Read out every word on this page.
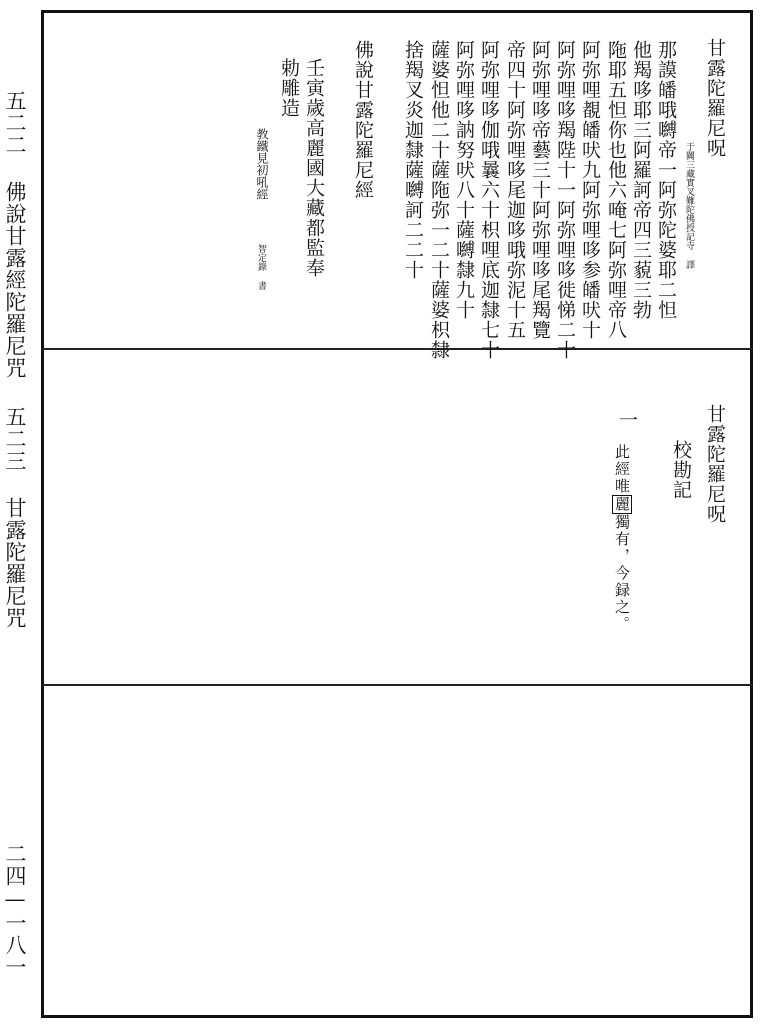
五二二 佛說甘露經陀羅尼咒
五二三 甘露陀羅尼咒
二四—一八一
甘露陀羅尼呪
于闐三藏實叉難陀佛授記寺 譯
那謨皤哦嚩帝一阿弥陀婆耶二怛
他羯哆耶三阿羅訶帝四三藐三勃
陁耶五怛你也他六唵七阿弥哩帝八
阿弥哩覩皤吠九阿弥哩哆参皤吠十
阿弥哩哆羯陛十一阿弥哩哆徙悌二十
阿弥哩哆帝藝三十阿弥哩哆尾羯覽
帝四十阿弥哩哆尾迦哆哦弥泥十五
阿弥哩哆伽哦曩六十枳哩底迦隸七十
阿弥哩哆訥努吠八十薩嚩隸九十
薩婆怛他二十薩陁弥一二十薩婆枳隸
捨羯叉炎迦隸薩嚩訶二二十
佛說甘露陀羅尼經
壬寅歲高麗國大藏都監奉
勅雕造
教鐵見初吼經
智定錄 書
甘露陀羅尼呪
校勘記
一
此經唯麗獨有，今録之。
